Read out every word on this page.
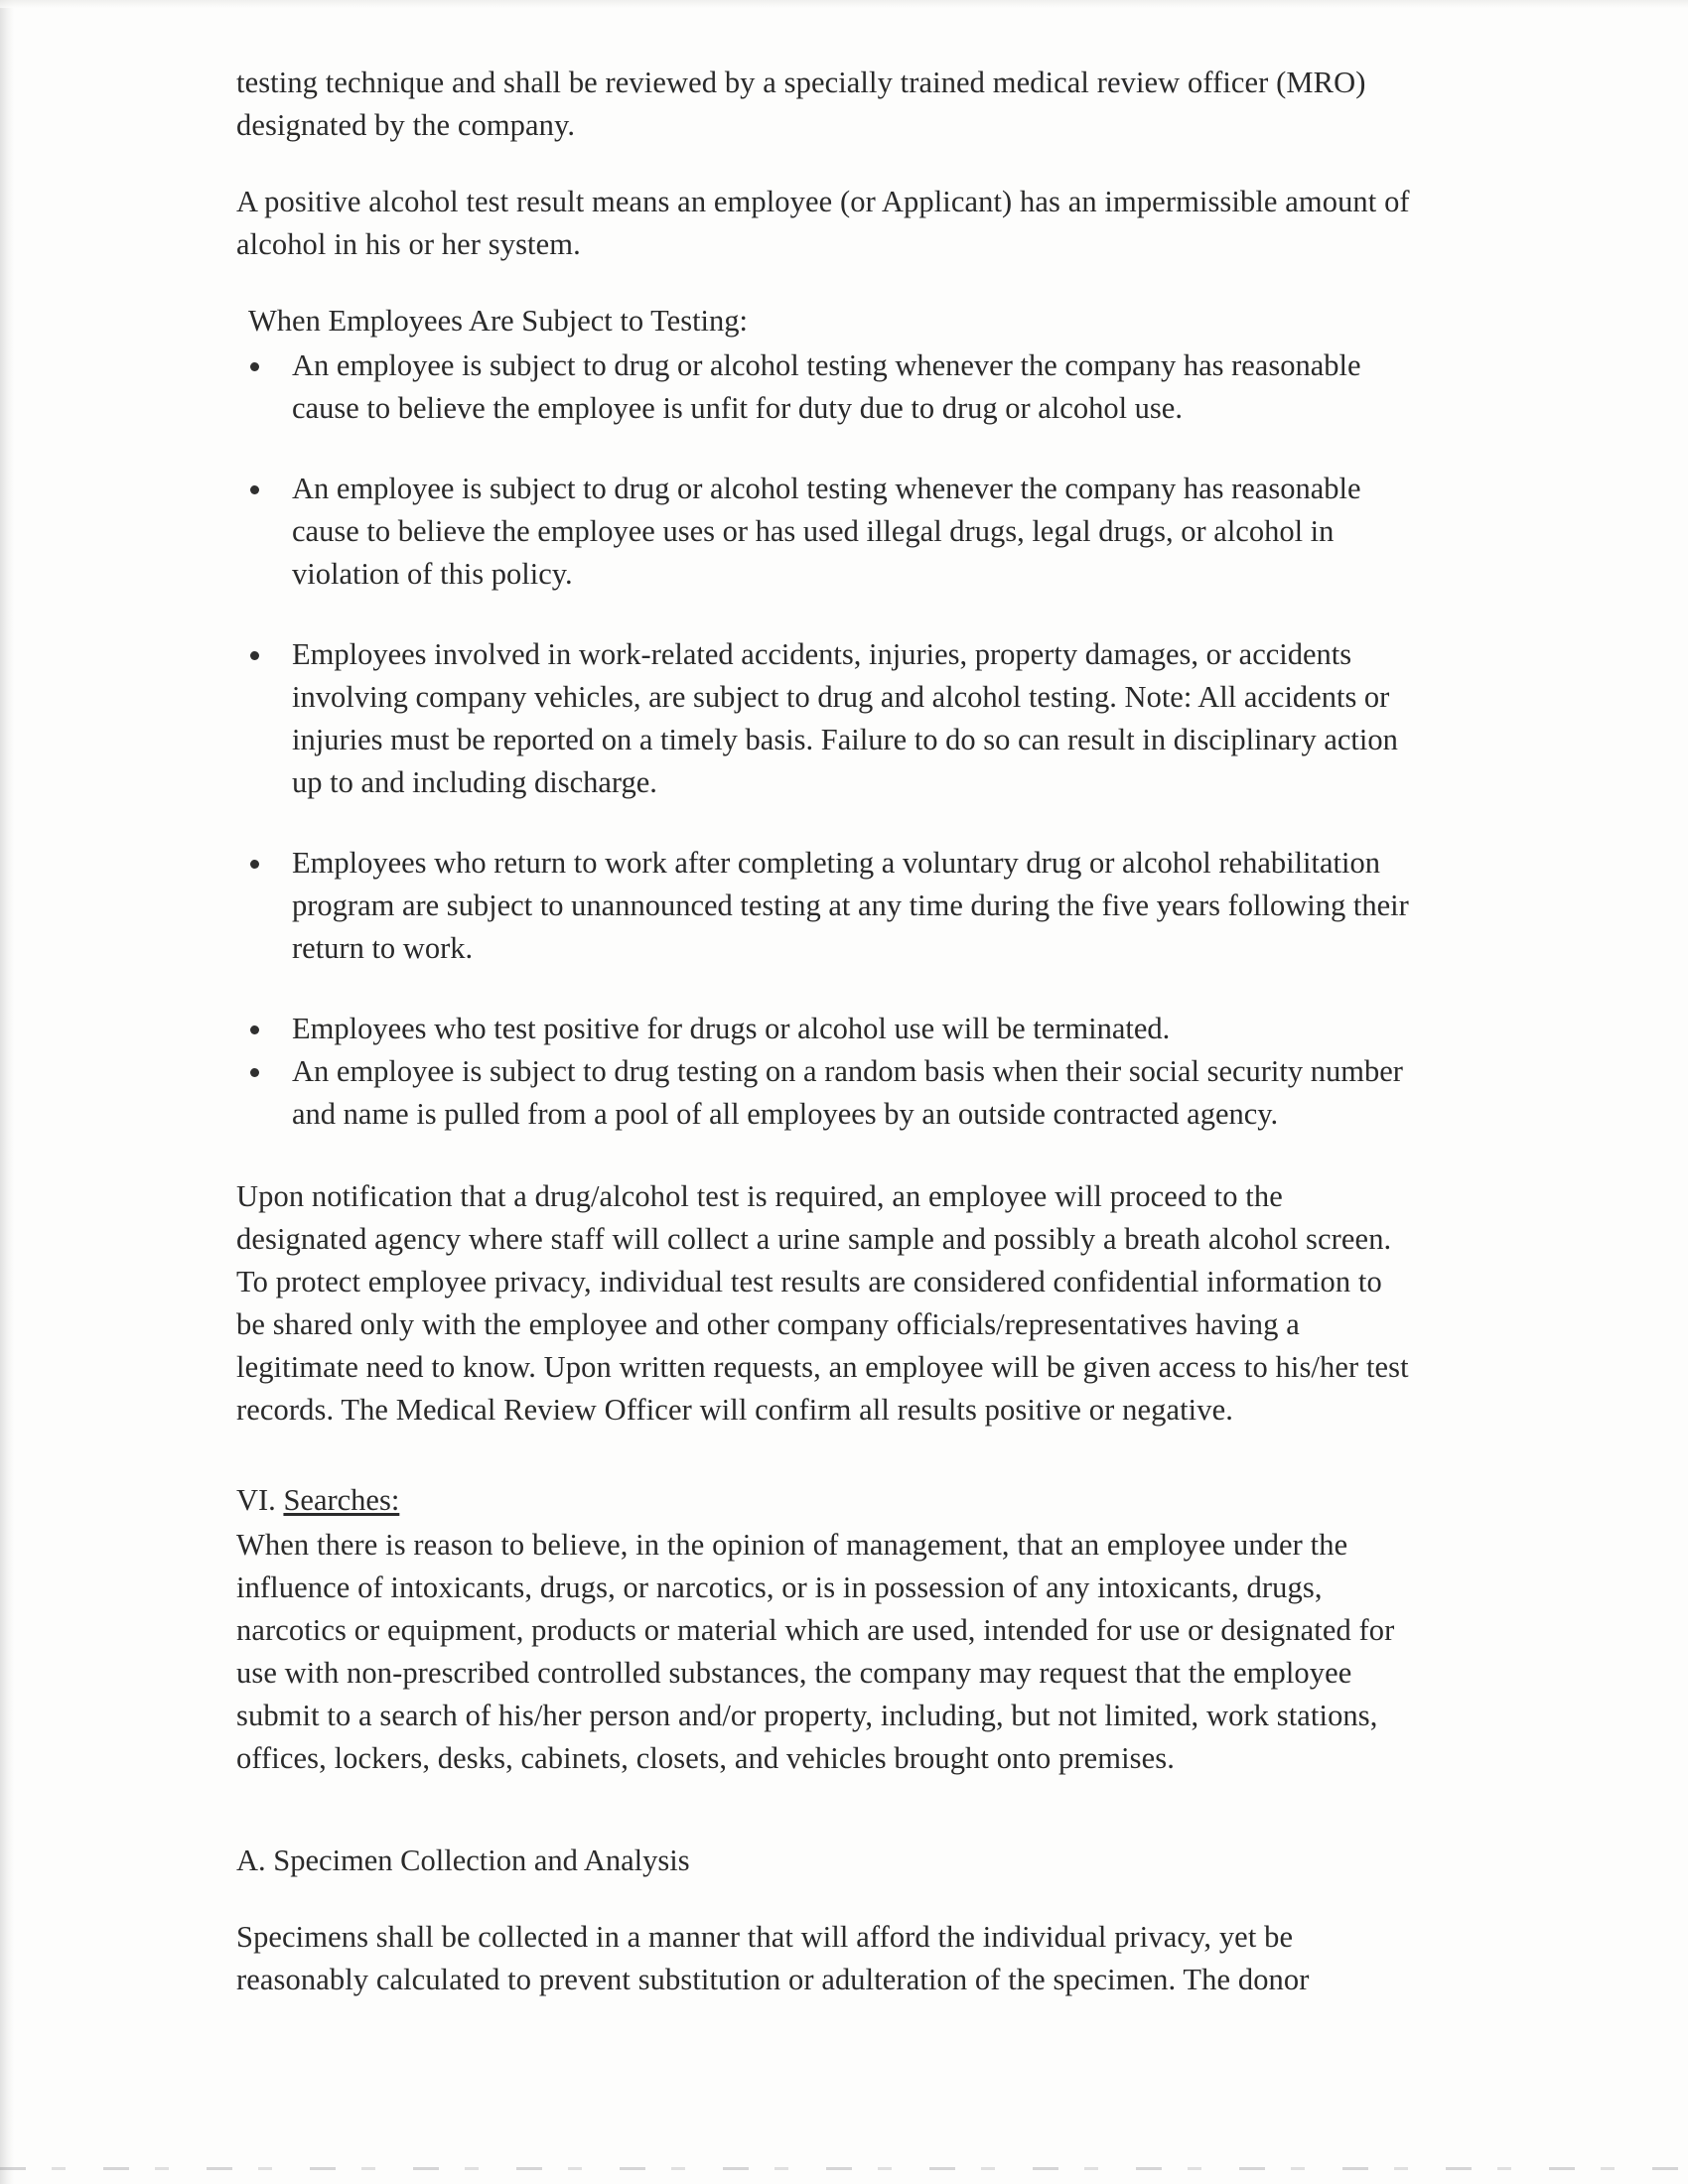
testing technique and shall be reviewed by a specially trained medical review officer (MRO) designated by the company.

A positive alcohol test result means an employee (or Applicant) has an impermissible amount of alcohol in his or her system.

When Employees Are Subject to Testing:

An employee is subject to drug or alcohol testing whenever the company has reasonable cause to believe the employee is unfit for duty due to drug or alcohol use.
An employee is subject to drug or alcohol testing whenever the company has reasonable cause to believe the employee uses or has used illegal drugs, legal drugs, or alcohol in violation of this policy.
Employees involved in work-related accidents, injuries, property damages, or accidents involving company vehicles, are subject to drug and alcohol testing. Note: All accidents or injuries must be reported on a timely basis. Failure to do so can result in disciplinary action up to and including discharge.
Employees who return to work after completing a voluntary drug or alcohol rehabilitation program are subject to unannounced testing at any time during the five years following their return to work.
Employees who test positive for drugs or alcohol use will be terminated.
An employee is subject to drug testing on a random basis when their social security number and name is pulled from a pool of all employees by an outside contracted agency.

Upon notification that a drug/alcohol test is required, an employee will proceed to the designated agency where staff will collect a urine sample and possibly a breath alcohol screen. To protect employee privacy, individual test results are considered confidential information to be shared only with the employee and other company officials/representatives having a legitimate need to know. Upon written requests, an employee will be given access to his/her test records. The Medical Review Officer will confirm all results positive or negative.

VI. Searches:

When there is reason to believe, in the opinion of management, that an employee under the influence of intoxicants, drugs, or narcotics, or is in possession of any intoxicants, drugs, narcotics or equipment, products or material which are used, intended for use or designated for use with non-prescribed controlled substances, the company may request that the employee submit to a search of his/her person and/or property, including, but not limited, work stations, offices, lockers, desks, cabinets, closets, and vehicles brought onto premises.

A. Specimen Collection and Analysis

Specimens shall be collected in a manner that will afford the individual privacy, yet be reasonably calculated to prevent substitution or adulteration of the specimen. The donor
